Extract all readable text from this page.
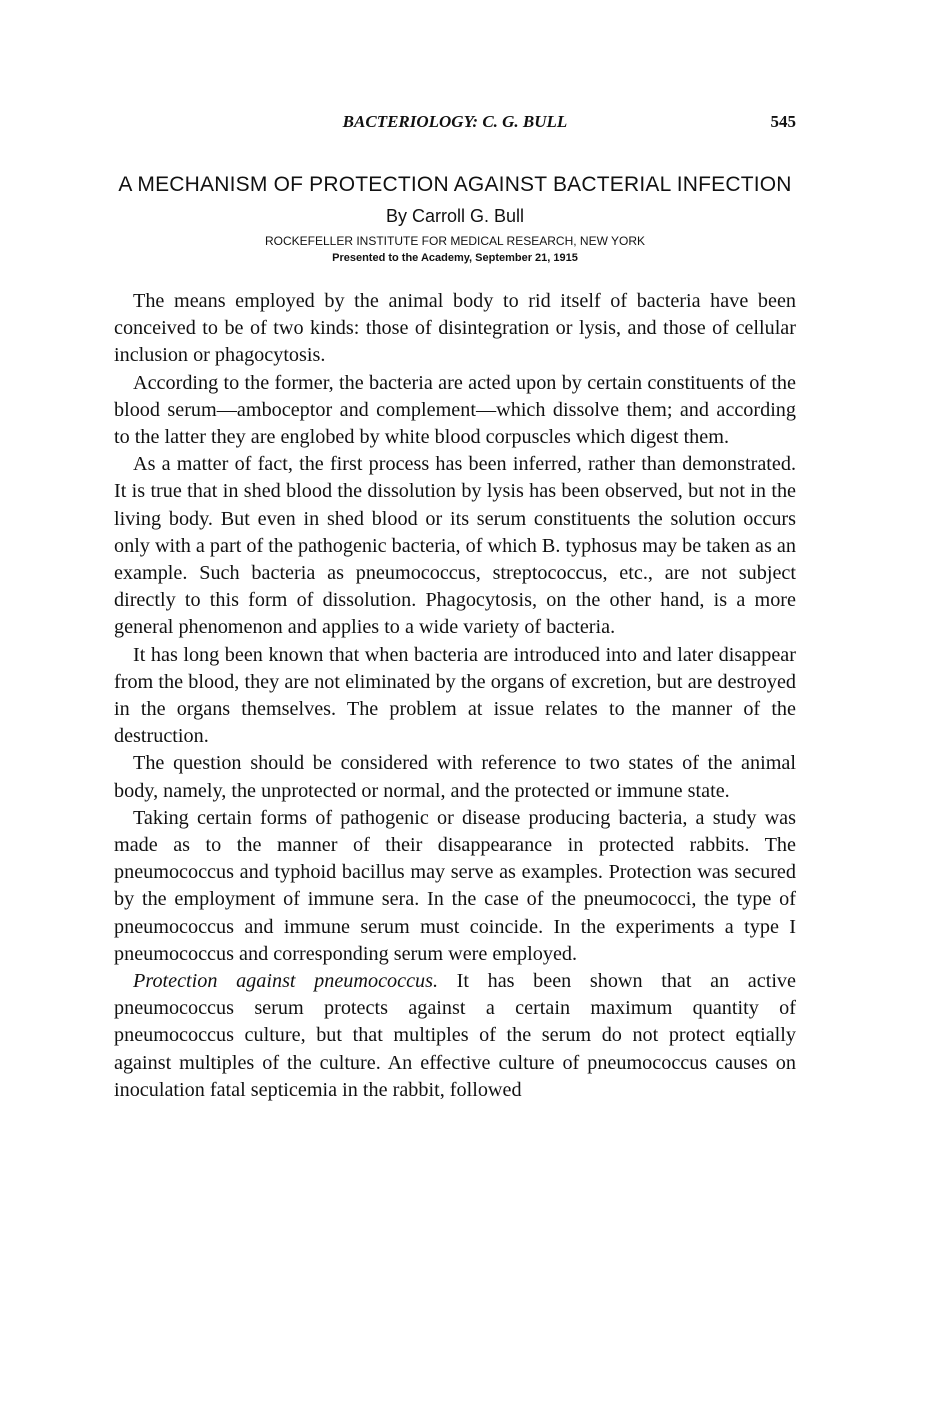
BACTERIOLOGY: C. G. BULL	545
A MECHANISM OF PROTECTION AGAINST BACTERIAL INFECTION
By Carroll G. Bull
ROCKEFELLER INSTITUTE FOR MEDICAL RESEARCH, NEW YORK
Presented to the Academy, September 21, 1915

The means employed by the animal body to rid itself of bacteria have been conceived to be of two kinds: those of disintegration or lysis, and those of cellular inclusion or phagocytosis.

According to the former, the bacteria are acted upon by certain constituents of the blood serum—amboceptor and complement—which dissolve them; and according to the latter they are englobed by white blood corpuscles which digest them.

As a matter of fact, the first process has been inferred, rather than demonstrated. It is true that in shed blood the dissolution by lysis has been observed, but not in the living body. But even in shed blood or its serum constituents the solution occurs only with a part of the pathogenic bacteria, of which B. typhosus may be taken as an example. Such bacteria as pneumococcus, streptococcus, etc., are not subject directly to this form of dissolution. Phagocytosis, on the other hand, is a more general phenomenon and applies to a wide variety of bacteria.

It has long been known that when bacteria are introduced into and later disappear from the blood, they are not eliminated by the organs of excretion, but are destroyed in the organs themselves. The problem at issue relates to the manner of the destruction.

The question should be considered with reference to two states of the animal body, namely, the unprotected or normal, and the protected or immune state.

Taking certain forms of pathogenic or disease producing bacteria, a study was made as to the manner of their disappearance in protected rabbits. The pneumococcus and typhoid bacillus may serve as examples. Protection was secured by the employment of immune sera. In the case of the pneumococci, the type of pneumococcus and immune serum must coincide. In the experiments a type I pneumococcus and corresponding serum were employed.

Protection against pneumococcus. It has been shown that an active pneumococcus serum protects against a certain maximum quantity of pneumococcus culture, but that multiples of the serum do not protect eqtially against multiples of the culture. An effective culture of pneumococcus causes on inoculation fatal septicemia in the rabbit, followed
